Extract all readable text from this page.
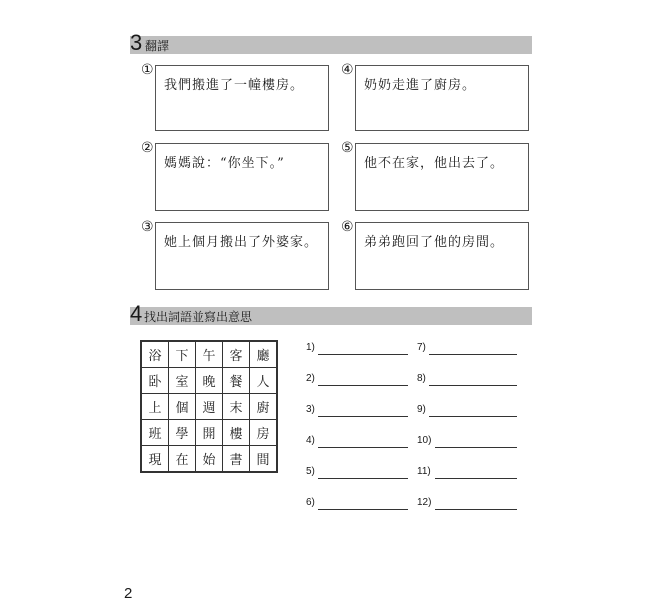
3 翻譯
①
我們搬進了一幢樓房。
④
奶奶走進了廚房。
②
媽媽說：“你坐下。”
⑤
他不在家，他出去了。
③
她上個月搬出了外婆家。
⑥
弟弟跑回了他的房間。
4 找出詞語並寫出意思
浴	下	午	客	廳
卧	室	晚	餐	人
上	個	週	末	廚
班	學	開	樓	房
現	在	始	書	間
1)
2)
3)
4)
5)
6)
7)
8)
9)
10)
11)
12)
2
